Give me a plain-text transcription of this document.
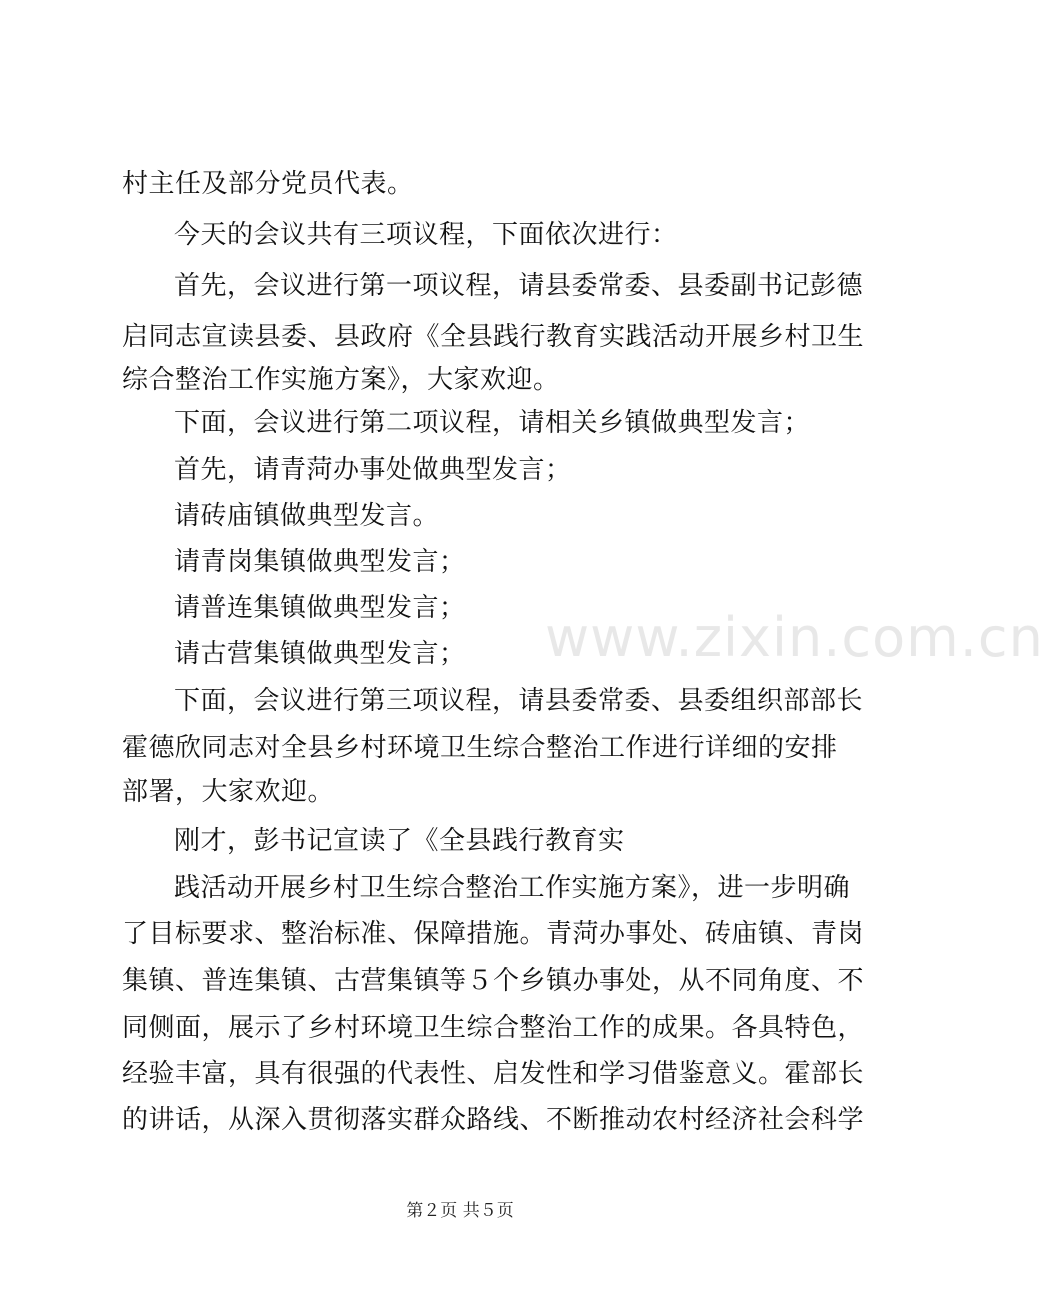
村主任及部分党员代表。
今天的会议共有三项议程，下面依次进行：
首先，会议进行第一项议程，请县委常委、县委副书记彭德
启同志宣读县委、县政府《全县践行教育实践活动开展乡村卫生
综合整治工作实施方案》，大家欢迎。
下面，会议进行第二项议程，请相关乡镇做典型发言；
首先，请青菏办事处做典型发言；
请砖庙镇做典型发言。
请青岗集镇做典型发言；
请普连集镇做典型发言；
请古营集镇做典型发言；
下面，会议进行第三项议程，请县委常委、县委组织部部长
霍德欣同志对全县乡村环境卫生综合整治工作进行详细的安排
部署，大家欢迎。
刚才，彭书记宣读了《全县践行教育实
践活动开展乡村卫生综合整治工作实施方案》，进一步明确
了目标要求、整治标准、保障措施。青菏办事处、砖庙镇、青岗
集镇、普连集镇、古营集镇等５个乡镇办事处，从不同角度、不
同侧面，展示了乡村环境卫生综合整治工作的成果。各具特色，
经验丰富，具有很强的代表性、启发性和学习借鉴意义。霍部长
的讲话，从深入贯彻落实群众路线、不断推动农村经济社会科学
www.zixin.com.cn
第２页 共５页
